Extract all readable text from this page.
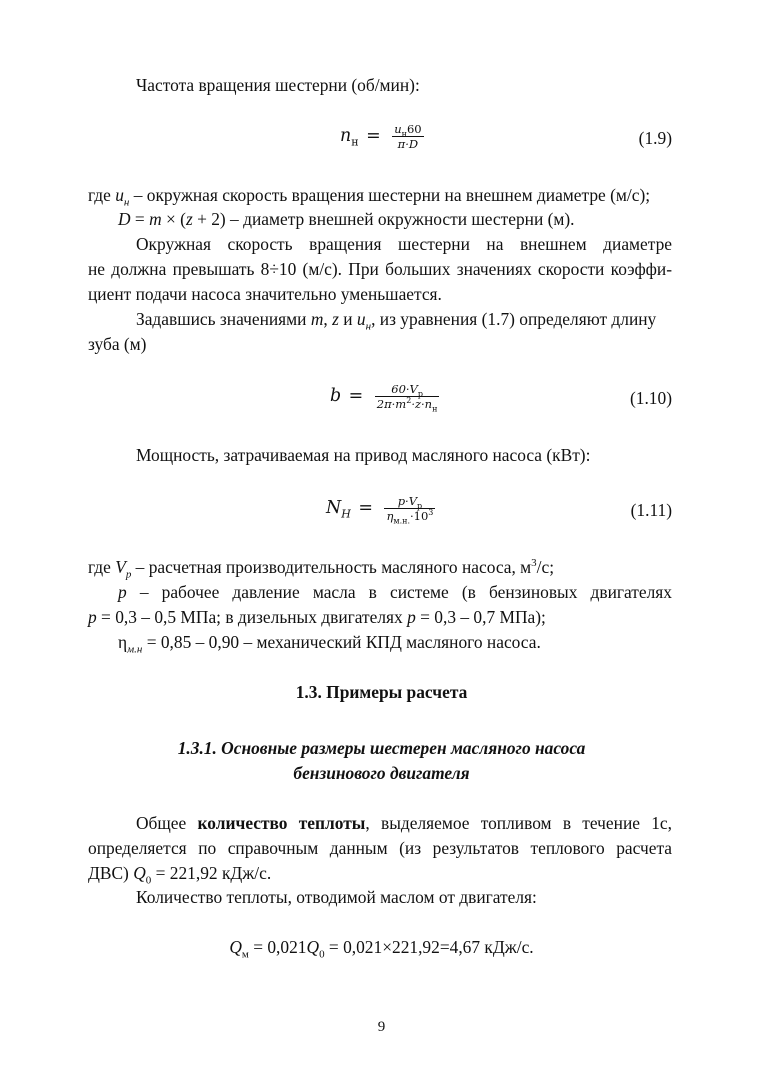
Частота вращения шестерни (об/мин):
$n_н = \frac{u_н60}{\pi\cdot D}$	(1.9)
где $u_н$ – окружная скорость вращения шестерни на внешнем диаметре (м/с);
D = m × (z + 2) – диаметр внешней окружности шестерни (м).
Окружная скорость вращения шестерни на внешнем диаметре
не должна превышать 8÷10 (м/с). При больших значениях скорости коэффи-
циент подачи насоса значительно уменьшается.
Задавшись значениями m, z и $u_н$, из уравнения (1.7) определяют длину
зуба (м)
$b = \frac{60\cdot V_p}{2\pi\cdot m^2\cdot z\cdot n_н}$	(1.10)
Мощность, затрачиваемая на привод масляного насоса (кВт):
$N_H = \frac{p\cdot V_p}{\eta_{м.н.}\cdot 10^3}$	(1.11)
где $V_p$ – расчетная производительность масляного насоса, $м^3/с$;
p – рабочее давление масла в системе (в бензиновых двигателях
p = 0,3 – 0,5 МПа; в дизельных двигателях p = 0,3 – 0,7 МПа);
$\eta_{м.н} = 0,85 - 0,90$ – механический КПД масляного насоса.
1.3. Примеры расчета
1.3.1. Основные размеры шестерен масляного насоса
бензинового двигателя
Общее количество теплоты, выделяемое топливом в течение 1с,
определяется по справочным данным (из результатов теплового расчета
ДВС) $Q_0 = 221,92$ кДж/с.
Количество теплоты, отводимой маслом от двигателя:
$Q_м = 0,021Q_0 = 0,021\times 221,92=4,67$ кДж/с.
9
